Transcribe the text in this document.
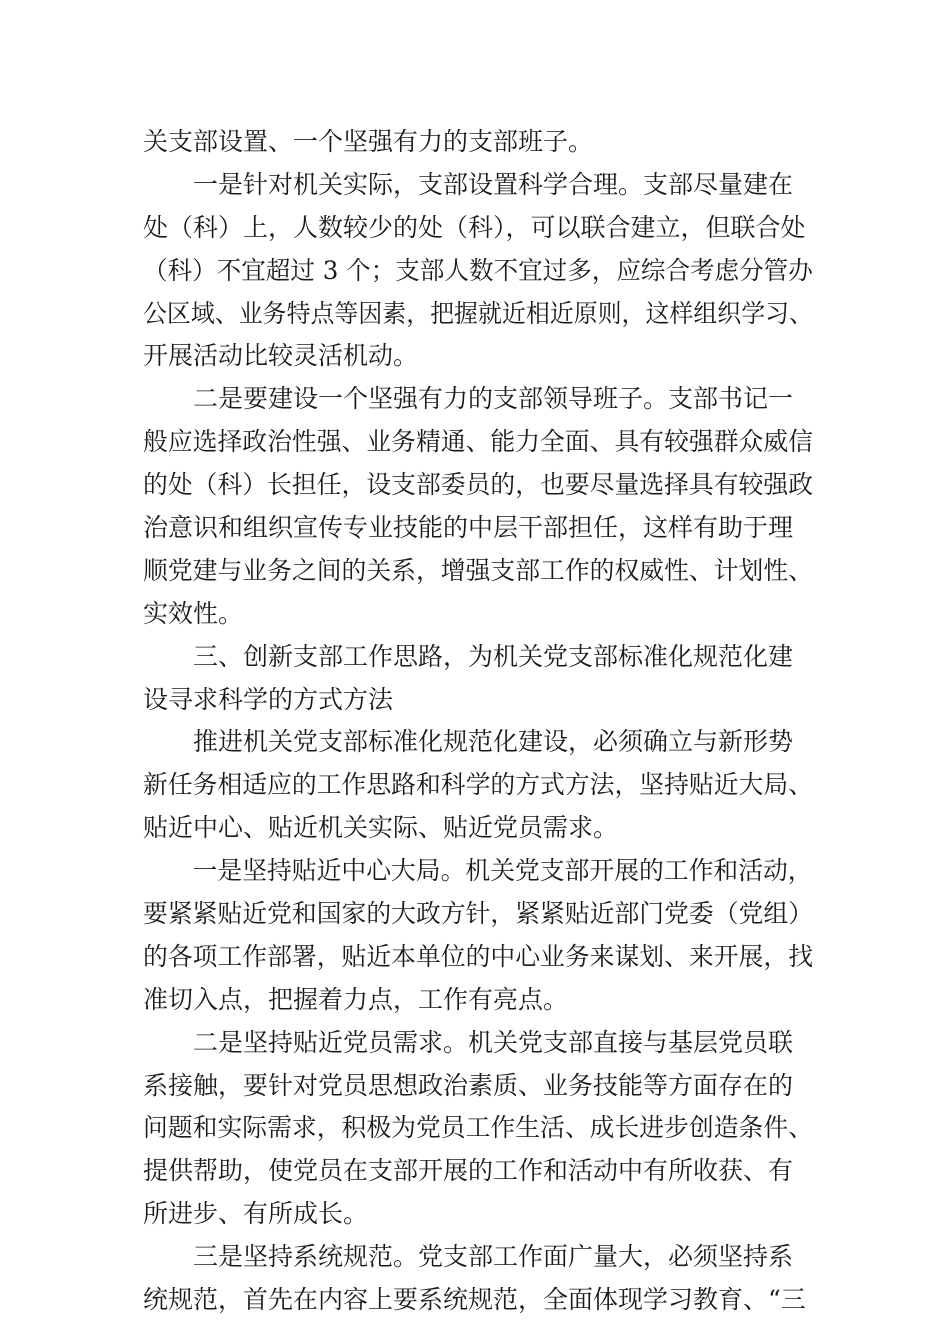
关支部设置、一个坚强有力的支部班子。
一是针对机关实际，支部设置科学合理。支部尽量建在
处（科）上，人数较少的处（科），可以联合建立，但联合处
（科）不宜超过 3 个；支部人数不宜过多，应综合考虑分管办
公区域、业务特点等因素，把握就近相近原则，这样组织学习、
开展活动比较灵活机动。
二是要建设一个坚强有力的支部领导班子。支部书记一
般应选择政治性强、业务精通、能力全面、具有较强群众威信
的处（科）长担任，设支部委员的，也要尽量选择具有较强政
治意识和组织宣传专业技能的中层干部担任，这样有助于理
顺党建与业务之间的关系，增强支部工作的权威性、计划性、
实效性。
三、创新支部工作思路，为机关党支部标准化规范化建
设寻求科学的方式方法
推进机关党支部标准化规范化建设，必须确立与新形势
新任务相适应的工作思路和科学的方式方法，坚持贴近大局、
贴近中心、贴近机关实际、贴近党员需求。
一是坚持贴近中心大局。机关党支部开展的工作和活动，
要紧紧贴近党和国家的大政方针，紧紧贴近部门党委（党组）
的各项工作部署，贴近本单位的中心业务来谋划、来开展，找
准切入点，把握着力点，工作有亮点。
二是坚持贴近党员需求。机关党支部直接与基层党员联
系接触，要针对党员思想政治素质、业务技能等方面存在的
问题和实际需求，积极为党员工作生活、成长进步创造条件、
提供帮助，使党员在支部开展的工作和活动中有所收获、有
所进步、有所成长。
三是坚持系统规范。党支部工作面广量大，必须坚持系
统规范，首先在内容上要系统规范，全面体现学习教育、“三
